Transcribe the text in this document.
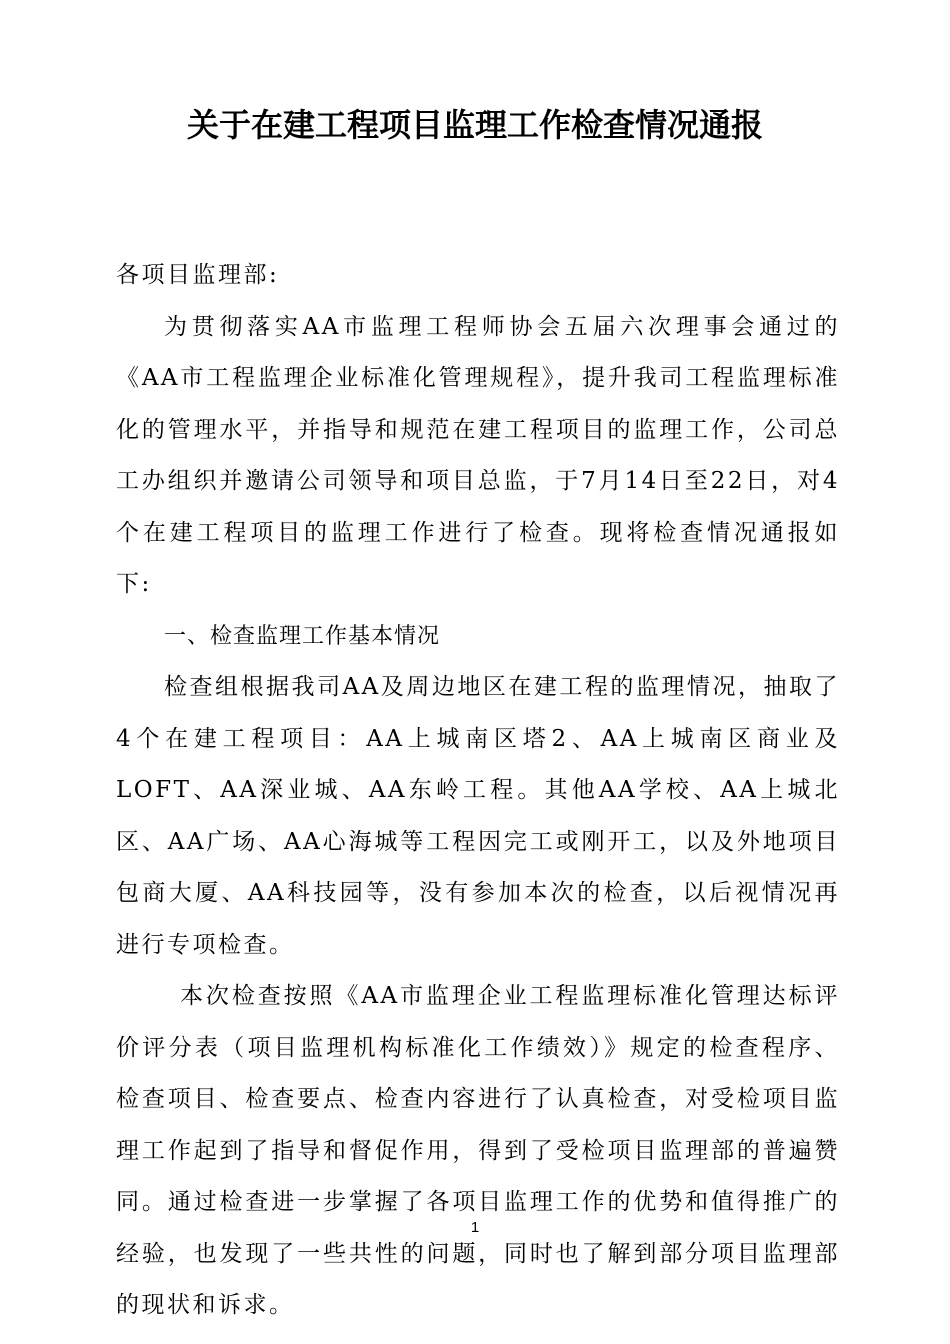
关于在建工程项目监理工作检查情况通报

各项目监理部:

为贯彻落实AA市监理工程师协会五届六次理事会通过的《AA市工程监理企业标准化管理规程》，提升我司工程监理标准化的管理水平，并指导和规范在建工程项目的监理工作，公司总工办组织并邀请公司领导和项目总监，于7月14日至22日，对4个在建工程项目的监理工作进行了检查。现将检查情况通报如下:

一、检查监理工作基本情况

检查组根据我司AA及周边地区在建工程的监理情况，抽取了4个在建工程项目：AA上城南区塔2、AA上城南区商业及LOFT、AA深业城、AA东岭工程。其他AA学校、AA上城北区、AA广场、AA心海城等工程因完工或刚开工，以及外地项目包商大厦、AA科技园等，没有参加本次的检查，以后视情况再进行专项检查。

本次检查按照《AA市监理企业工程监理标准化管理达标评价评分表（项目监理机构标准化工作绩效）》规定的检查程序、检查项目、检查要点、检查内容进行了认真检查，对受检项目监理工作起到了指导和督促作用，得到了受检项目监理部的普遍赞同。通过检查进一步掌握了各项目监理工作的优势和值得推广的经验，也发现了一些共性的问题，同时也了解到部分项目监理部的现状和诉求。

1
